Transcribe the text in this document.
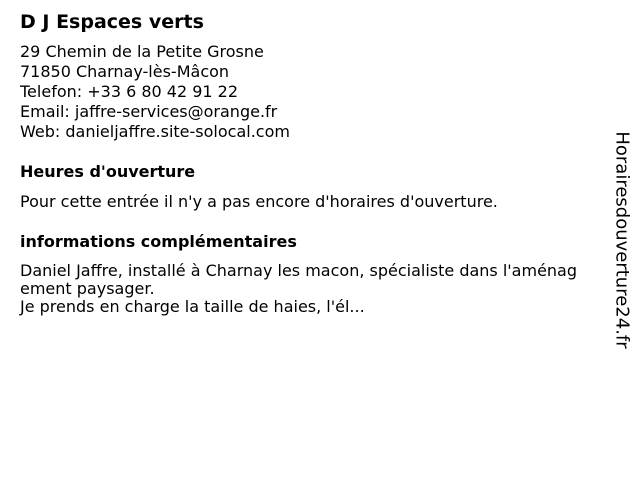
D J Espaces verts
29 Chemin de la Petite Grosne
71850 Charnay-lès-Mâcon
Telefon: +33 6 80 42 91 22
Email: jaffre-services@orange.fr
Web: danieljaffre.site-solocal.com
Heures d'ouverture
Pour cette entrée il n'y a pas encore d'horaires d'ouverture.
informations complémentaires
Daniel Jaffre, installé à Charnay les macon, spécialiste dans l'aménagement paysager.
Je prends en charge la taille de haies, l'él...	Horairesdouverture24.fr
